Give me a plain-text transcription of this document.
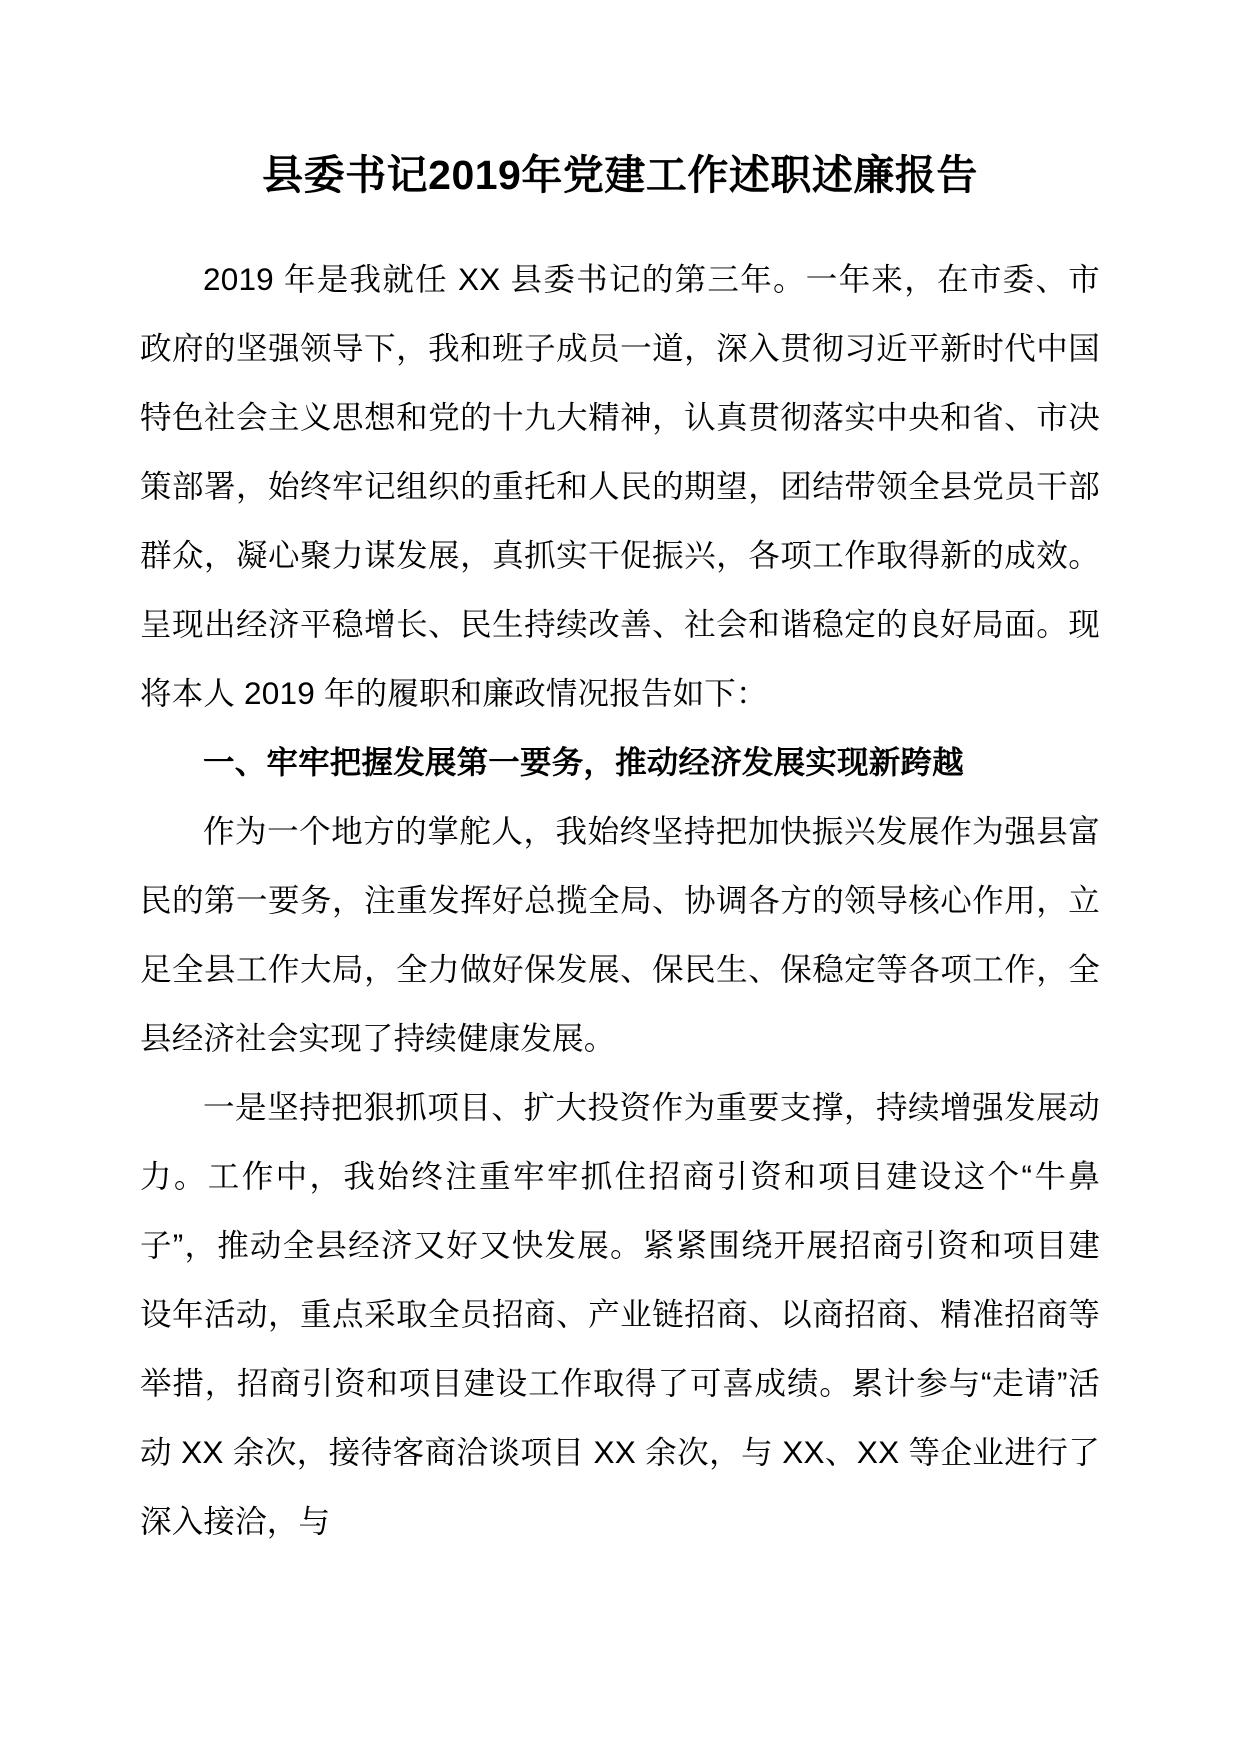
县委书记2019年党建工作述职述廉报告

2019 年是我就任 XX 县委书记的第三年。一年来，在市委、市政府的坚强领导下，我和班子成员一道，深入贯彻习近平新时代中国特色社会主义思想和党的十九大精神，认真贯彻落实中央和省、市决策部署，始终牢记组织的重托和人民的期望，团结带领全县党员干部群众，凝心聚力谋发展，真抓实干促振兴，各项工作取得新的成效。呈现出经济平稳增长、民生持续改善、社会和谐稳定的良好局面。现将本人 2019 年的履职和廉政情况报告如下：

一、牢牢把握发展第一要务，推动经济发展实现新跨越

作为一个地方的掌舵人，我始终坚持把加快振兴发展作为强县富民的第一要务，注重发挥好总揽全局、协调各方的领导核心作用，立足全县工作大局，全力做好保发展、保民生、保稳定等各项工作，全县经济社会实现了持续健康发展。

一是坚持把狠抓项目、扩大投资作为重要支撑，持续增强发展动力。工作中，我始终注重牢牢抓住招商引资和项目建设这个“牛鼻子”，推动全县经济又好又快发展。紧紧围绕开展招商引资和项目建设年活动，重点采取全员招商、产业链招商、以商招商、精准招商等举措，招商引资和项目建设工作取得了可喜成绩。累计参与“走请”活动 XX 余次，接待客商洽谈项目 XX 余次，与 XX、XX 等企业进行了深入接洽，与
